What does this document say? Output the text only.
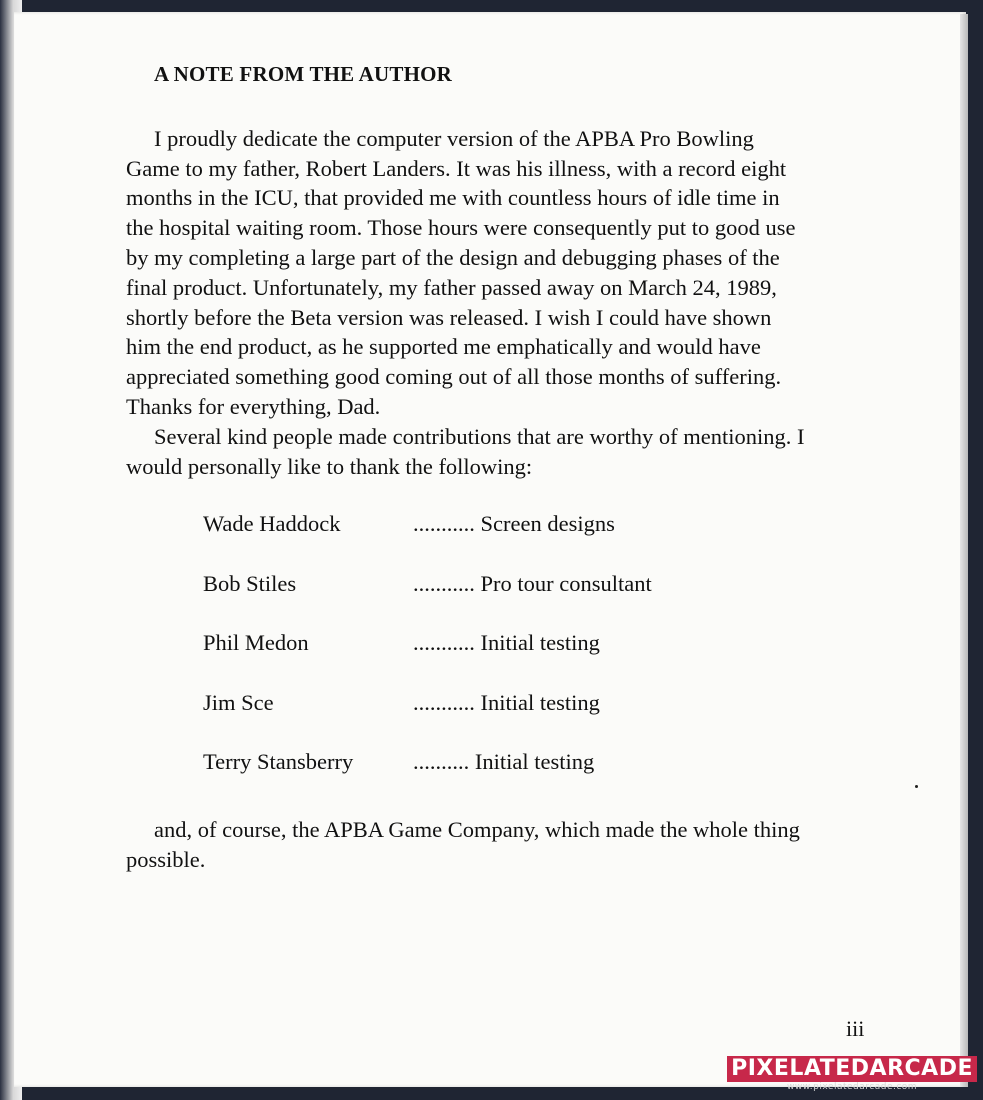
A NOTE FROM THE AUTHOR

I proudly dedicate the computer version of the APBA Pro Bowling Game to my father, Robert Landers. It was his illness, with a record eight months in the ICU, that provided me with countless hours of idle time in the hospital waiting room. Those hours were consequently put to good use by my completing a large part of the design and debugging phases of the final product. Unfortunately, my father passed away on March 24, 1989, shortly before the Beta version was released. I wish I could have shown him the end product, as he supported me emphatically and would have appreciated something good coming out of all those months of suffering. Thanks for everything, Dad.

Several kind people made contributions that are worthy of mentioning. I would personally like to thank the following:

Wade Haddock	........... Screen designs
Bob Stiles	........... Pro tour consultant
Phil Medon	........... Initial testing
Jim Sce	........... Initial testing
Terry Stansberry	.......... Initial testing

and, of course, the APBA Game Company, which made the whole thing possible.

iii
PIXELATEDARCADE
www.pixelatedarcade.com
